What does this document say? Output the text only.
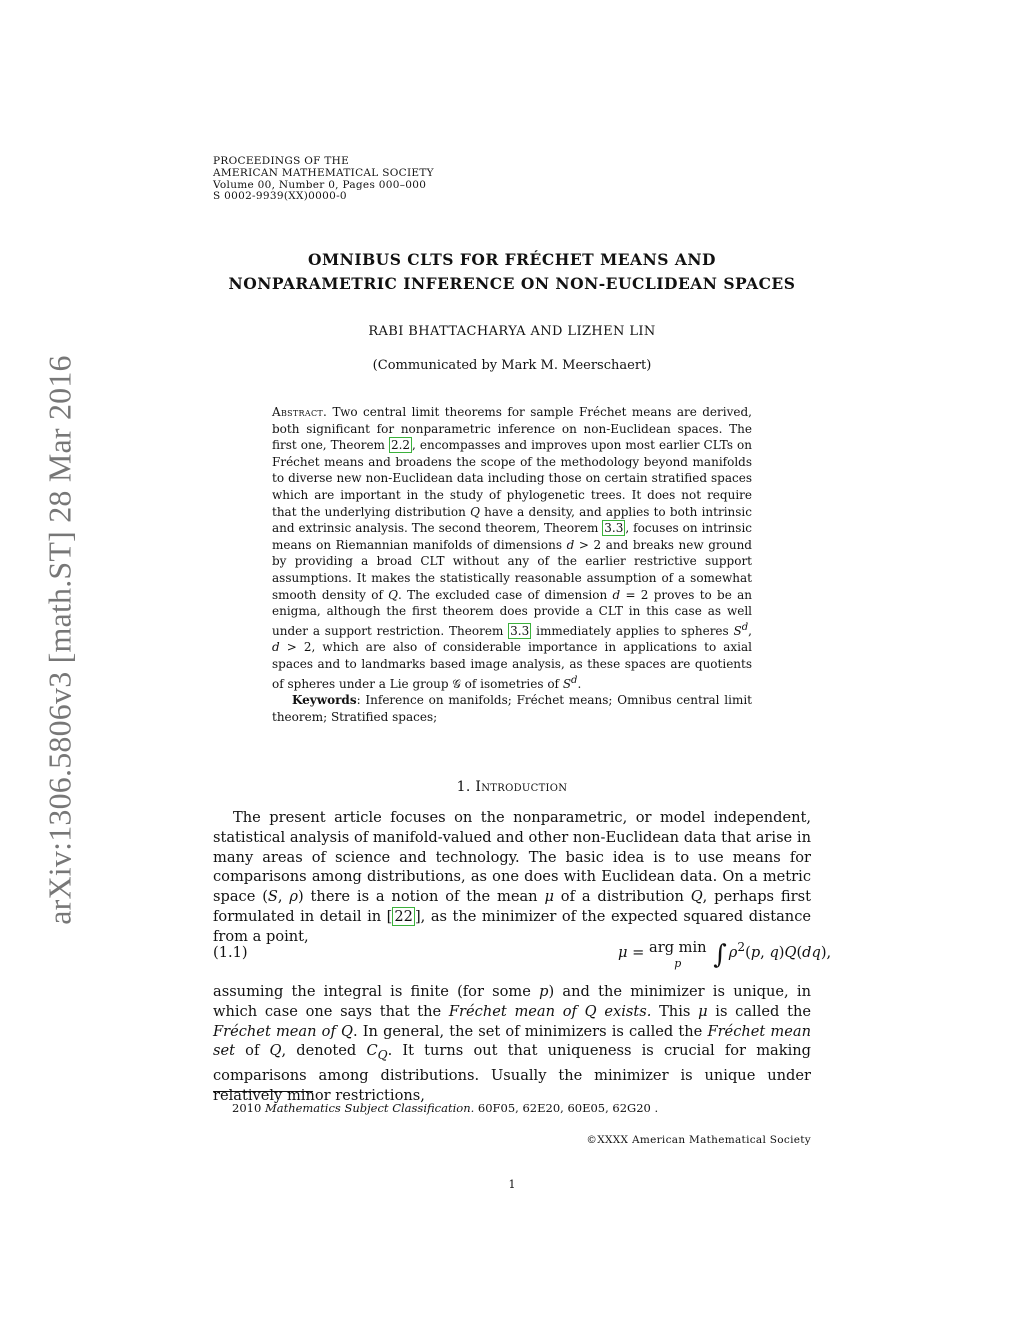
arXiv:1306.5806v3 [math.ST] 28 Mar 2016
PROCEEDINGS OF THE
AMERICAN MATHEMATICAL SOCIETY
Volume 00, Number 0, Pages 000–000
S 0002-9939(XX)0000-0
OMNIBUS CLTS FOR FRÉCHET MEANS AND
NONPARAMETRIC INFERENCE ON NON-EUCLIDEAN SPACES
RABI BHATTACHARYA AND LIZHEN LIN
(Communicated by Mark M. Meerschaert)
Abstract. Two central limit theorems for sample Fréchet means are derived, both significant for nonparametric inference on non-Euclidean spaces. The first one, Theorem 2.2 , encompasses and improves upon most earlier CLTs on Fréchet means and broadens the scope of the methodology beyond manifolds to diverse new non-Euclidean data including those on certain stratified spaces which are important in the study of phylogenetic trees. It does not require that the underlying distribution Q have a density, and applies to both intrinsic and extrinsic analysis. The second theorem, Theorem 3.3 , focuses on intrinsic means on Riemannian manifolds of dimensions d > 2 and breaks new ground by providing a broad CLT without any of the earlier restrictive support assumptions. It makes the statistically reasonable assumption of a somewhat smooth density of Q. The excluded case of dimension d = 2 proves to be an enigma, although the first theorem does provide a CLT in this case as well under a support restriction. Theorem 3.3 immediately applies to spheres $S^d$, d > 2, which are also of considerable importance in applications to axial spaces and to landmarks based image analysis, as these spaces are quotients of spheres under a Lie group 𝒢 of isometries of $S^d$.
Keywords: Inference on manifolds; Fréchet means; Omnibus central limit theorem; Stratified spaces;
1. Introduction
The present article focuses on the nonparametric, or model independent, statistical analysis of manifold-valued and other non-Euclidean data that arise in many areas of science and technology. The basic idea is to use means for comparisons among distributions, as one does with Euclidean data. On a metric space (S, ρ) there is a notion of the mean μ of a distribution Q, perhaps first formulated in detail in [ 22 ], as the minimizer of the expected squared distance from a point,
(1.1)	μ = arg min
p	∫ $\rho^2(p$, q)Q(dq),
assuming the integral is finite (for some p) and the minimizer is unique, in which case one says that the Fréchet mean of Q exists. This μ is called the Fréchet mean of Q. In general, the set of minimizers is called the Fréchet mean set of Q, denoted $C_Q$. It turns out that uniqueness is crucial for making comparisons among distributions. Usually the minimizer is unique under relatively minor restrictions,
2010 Mathematics Subject Classification. 60F05, 62E20, 60E05, 62G20 .
©XXXX American Mathematical Society
1
